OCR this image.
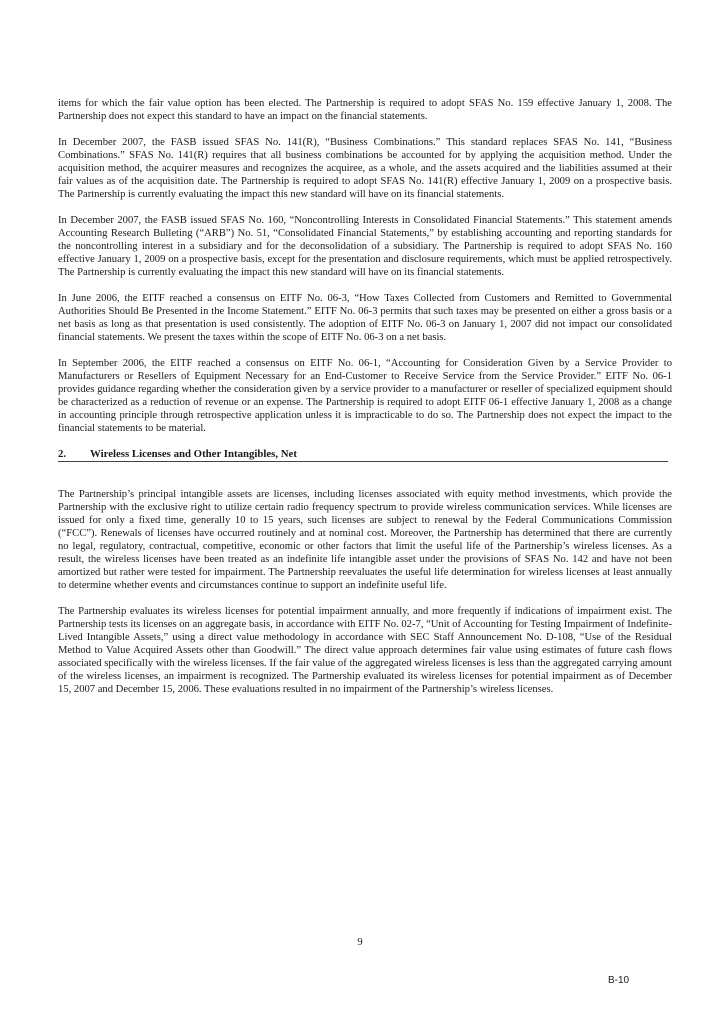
items for which the fair value option has been elected. The Partnership is required to adopt SFAS No. 159 effective January 1, 2008. The Partnership does not expect this standard to have an impact on the financial statements.

In December 2007, the FASB issued SFAS No. 141(R), “Business Combinations.” This standard replaces SFAS No. 141, “Business Combinations.” SFAS No. 141(R) requires that all business combinations be accounted for by applying the acquisition method. Under the acquisition method, the acquirer measures and recognizes the acquiree, as a whole, and the assets acquired and the liabilities assumed at their fair values as of the acquisition date. The Partnership is required to adopt SFAS No. 141(R) effective January 1, 2009 on a prospective basis. The Partnership is currently evaluating the impact this new standard will have on its financial statements.

In December 2007, the FASB issued SFAS No. 160, “Noncontrolling Interests in Consolidated Financial Statements.” This statement amends Accounting Research Bulleting (“ARB”) No. 51, “Consolidated Financial Statements,” by establishing accounting and reporting standards for the noncontrolling interest in a subsidiary and for the deconsolidation of a subsidiary. The Partnership is required to adopt SFAS No. 160 effective January 1, 2009 on a prospective basis, except for the presentation and disclosure requirements, which must be applied retrospectively. The Partnership is currently evaluating the impact this new standard will have on its financial statements.

In June 2006, the EITF reached a consensus on EITF No. 06-3, “How Taxes Collected from Customers and Remitted to Governmental Authorities Should Be Presented in the Income Statement.” EITF No. 06-3 permits that such taxes may be presented on either a gross basis or a net basis as long as that presentation is used consistently. The adoption of EITF No. 06-3 on January 1, 2007 did not impact our consolidated financial statements. We present the taxes within the scope of EITF No. 06-3 on a net basis.

In September 2006, the EITF reached a consensus on EITF No. 06-1, “Accounting for Consideration Given by a Service Provider to Manufacturers or Resellers of Equipment Necessary for an End-Customer to Receive Service from the Service Provider.” EITF No. 06-1 provides guidance regarding whether the consideration given by a service provider to a manufacturer or reseller of specialized equipment should be characterized as a reduction of revenue or an expense. The Partnership is required to adopt EITF 06-1 effective January 1, 2008 as a change in accounting principle through retrospective application unless it is impracticable to do so. The Partnership does not expect the impact to the financial statements to be material.

2.	Wireless Licenses and Other Intangibles, Net

The Partnership’s principal intangible assets are licenses, including licenses associated with equity method investments, which provide the Partnership with the exclusive right to utilize certain radio frequency spectrum to provide wireless communication services. While licenses are issued for only a fixed time, generally 10 to 15 years, such licenses are subject to renewal by the Federal Communications Commission (“FCC”). Renewals of licenses have occurred routinely and at nominal cost. Moreover, the Partnership has determined that there are currently no legal, regulatory, contractual, competitive, economic or other factors that limit the useful life of the Partnership’s wireless licenses. As a result, the wireless licenses have been treated as an indefinite life intangible asset under the provisions of SFAS No. 142 and have not been amortized but rather were tested for impairment. The Partnership reevaluates the useful life determination for wireless licenses at least annually to determine whether events and circumstances continue to support an indefinite useful life.

The Partnership evaluates its wireless licenses for potential impairment annually, and more frequently if indications of impairment exist. The Partnership tests its licenses on an aggregate basis, in accordance with EITF No. 02-7, “Unit of Accounting for Testing Impairment of Indefinite-Lived Intangible Assets,” using a direct value methodology in accordance with SEC Staff Announcement No. D-108, “Use of the Residual Method to Value Acquired Assets other than Goodwill.” The direct value approach determines fair value using estimates of future cash flows associated specifically with the wireless licenses. If the fair value of the aggregated wireless licenses is less than the aggregated carrying amount of the wireless licenses, an impairment is recognized. The Partnership evaluated its wireless licenses for potential impairment as of December 15, 2007 and December 15, 2006. These evaluations resulted in no impairment of the Partnership’s wireless licenses.

9
B-10
